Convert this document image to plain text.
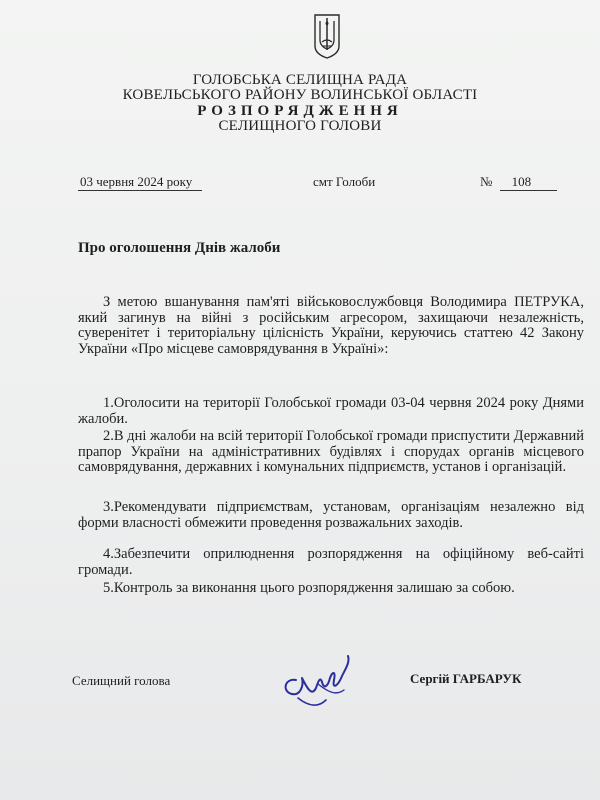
ГОЛОБСЬКА СЕЛИЩНА РАДА
КОВЕЛЬСЬКОГО РАЙОНУ ВОЛИНСЬКОЇ ОБЛАСТІ
РОЗПОРЯДЖЕННЯ
СЕЛИЩНОГО ГОЛОВИ
03 червня 2024 року	смт Голоби	№ 108
Про оголошення Днів жалоби
З метою вшанування пам'яті військовослужбовця Володимира ПЕТРУКА, який загинув на війні з російським агресором, захищаючи незалежність, суверенітет і територіальну цілісність України, керуючись статтею 42 Закону України «Про місцеве самоврядування в Україні»:
1.Оголосити на території Голобської громади 03-04 червня 2024 року Днями жалоби.
2.В дні жалоби на всій території Голобської громади приспустити Державний прапор України на адміністративних будівлях і спорудах органів місцевого самоврядування, державних і комунальних підприємств, установ і організацій.
3.Рекомендувати підприємствам, установам, організаціям незалежно від форми власності обмежити проведення розважальних заходів.
4.Забезпечити оприлюднення розпорядження на офіційному веб-сайті громади.
5.Контроль за виконання цього розпорядження залишаю за собою.
Селищний голова	Сергій ГАРБАРУК
